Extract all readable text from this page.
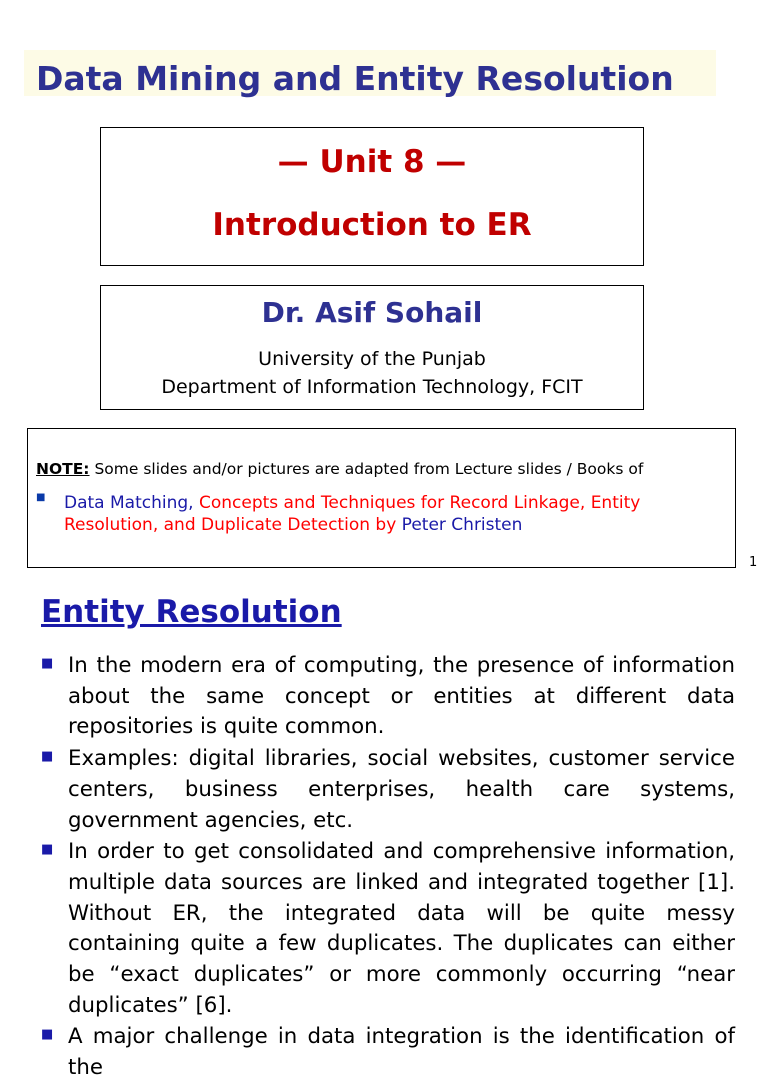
Data Mining and Entity Resolution
— Unit 8 —
Introduction to ER
Dr. Asif Sohail
University of the Punjab
Department of Information Technology, FCIT
NOTE: Some slides and/or pictures are adapted from Lecture slides / Books of
■ Data Matching, Concepts and Techniques for Record Linkage, Entity Resolution, and Duplicate Detection by Peter Christen
1
Entity Resolution
■ In the modern era of computing, the presence of information about the same concept or entities at different data repositories is quite common.
■ Examples: digital libraries, social websites, customer service centers, business enterprises, health care systems, government agencies, etc.
■ In order to get consolidated and comprehensive information, multiple data sources are linked and integrated together [1]. Without ER, the integrated data will be quite messy containing quite a few duplicates. The duplicates can either be “exact duplicates” or more commonly occurring “near duplicates” [6].
■ A major challenge in data integration is the identification of the
